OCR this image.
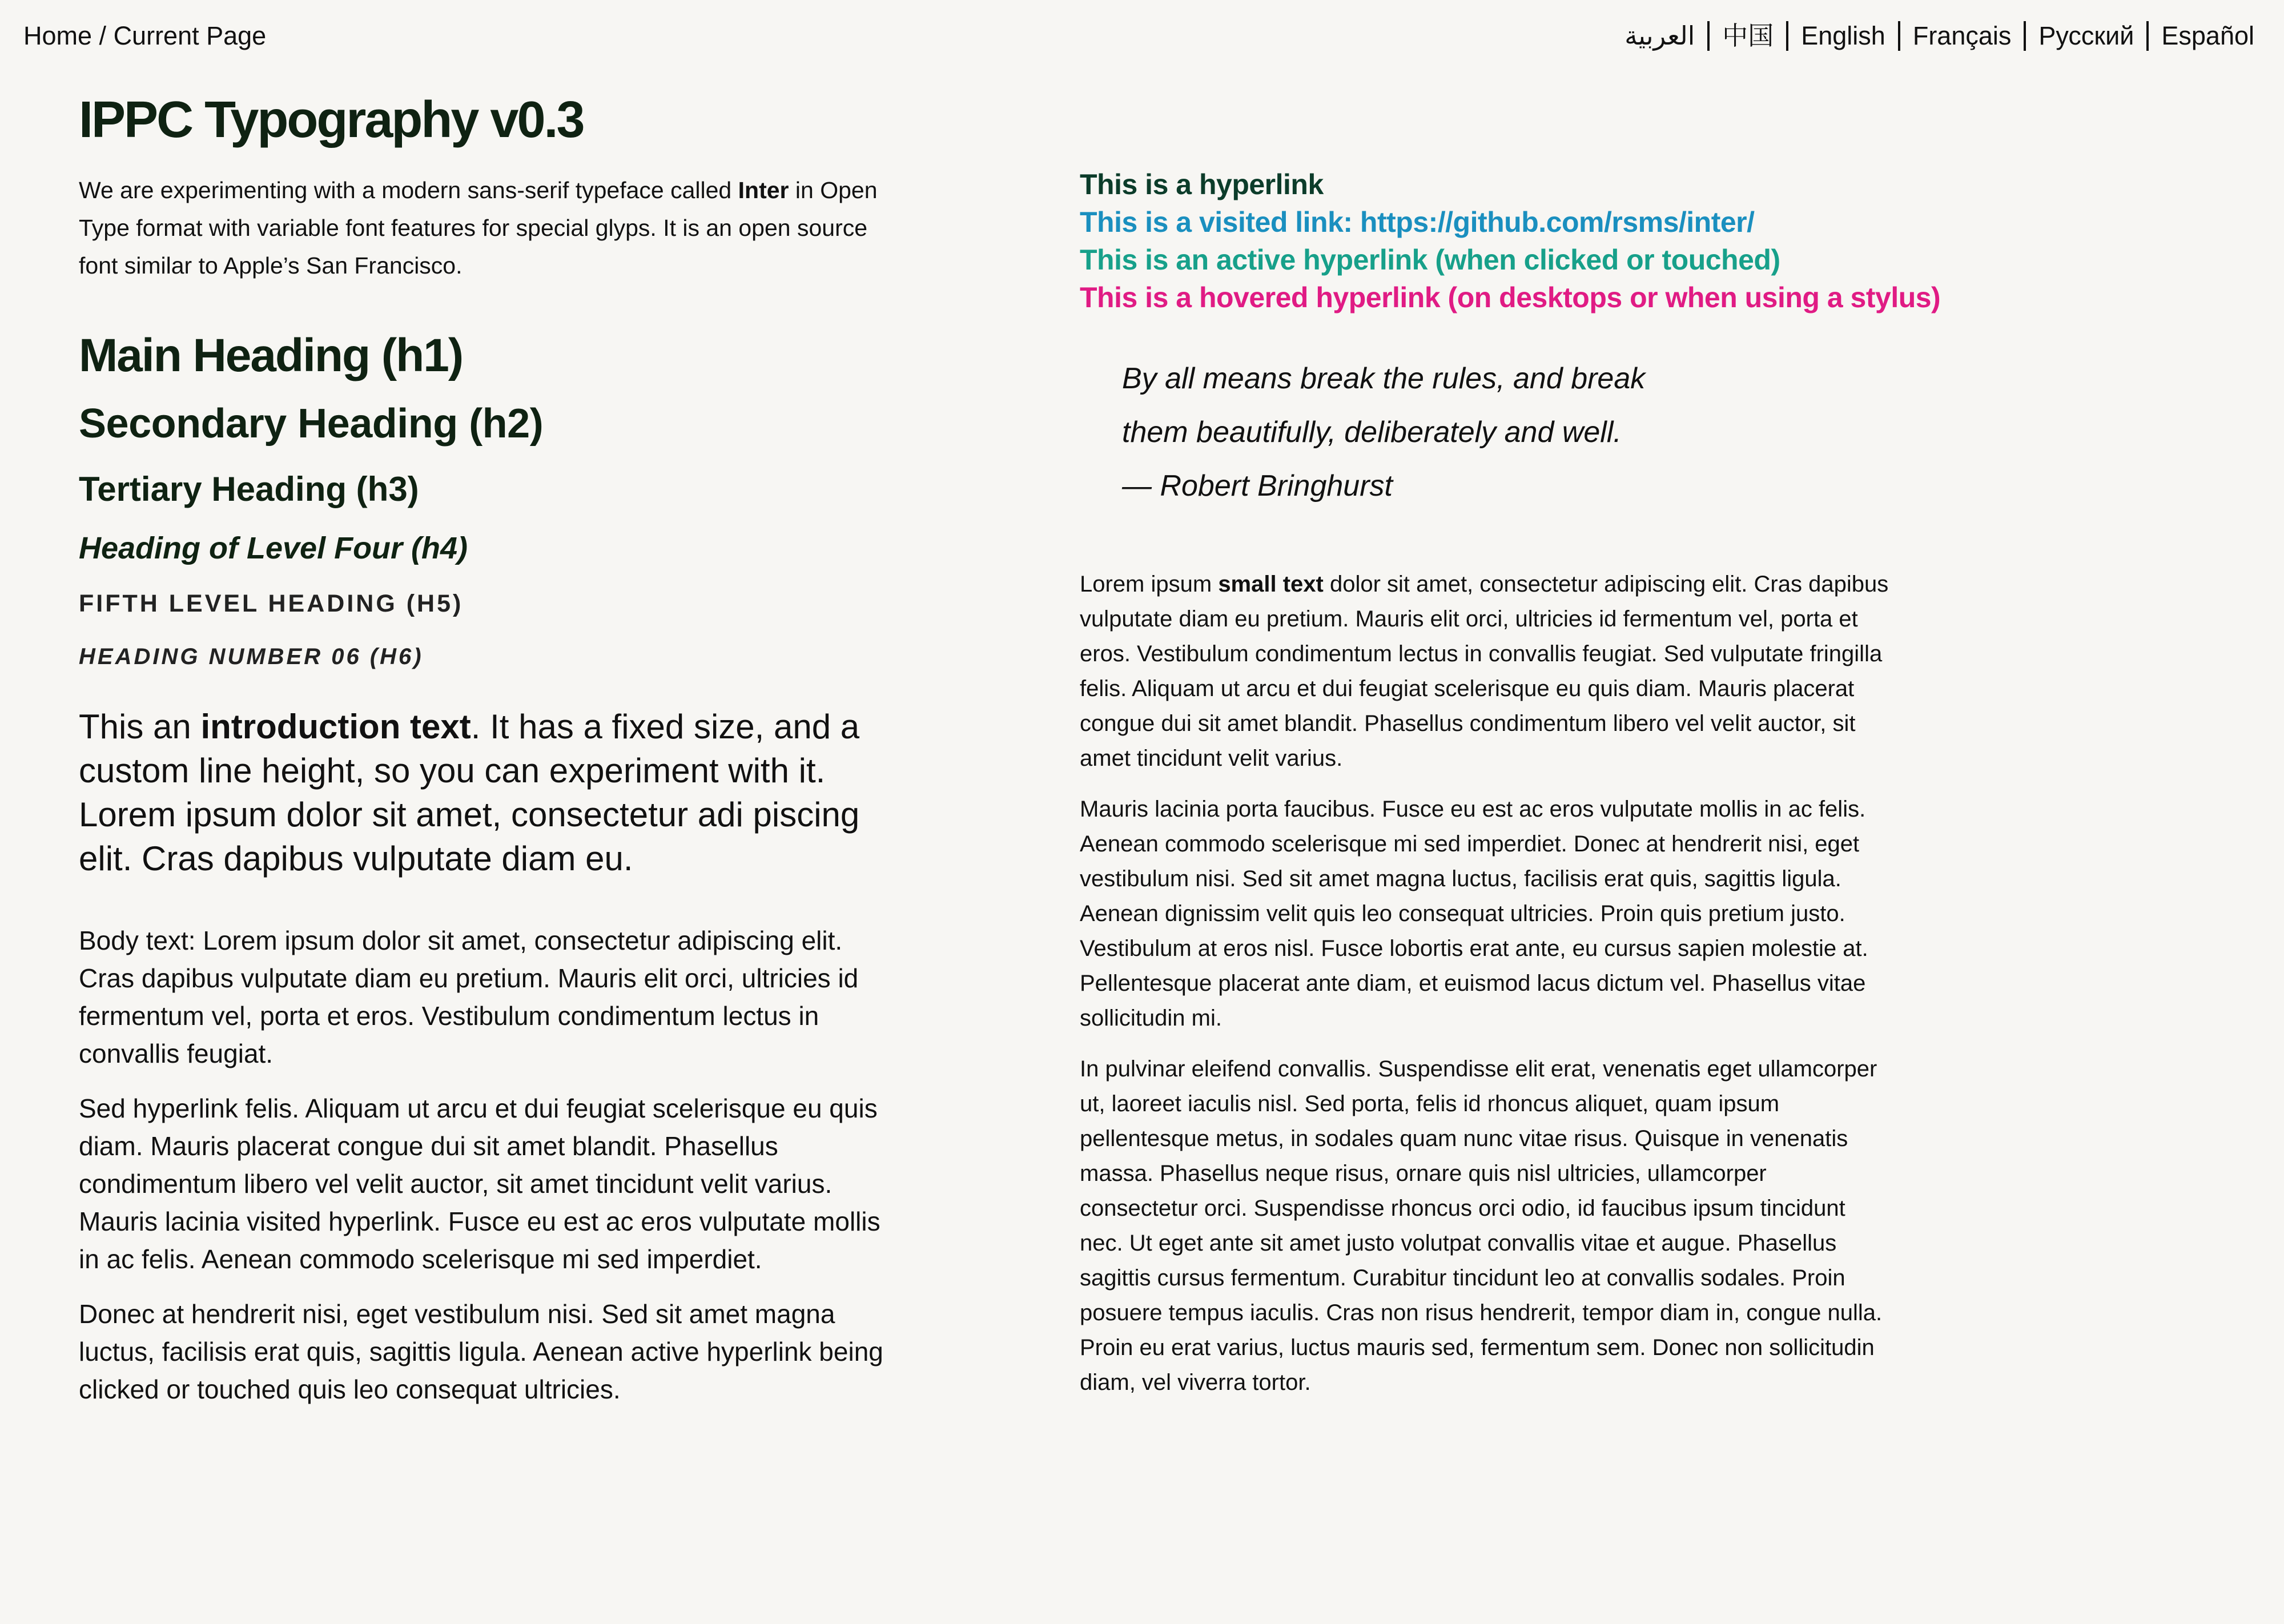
Home / Current Page	العربية	中国	English	Français	Русский	Español
IPPC Typography v0.3

We are experimenting with a modern sans-serif typeface called Inter in Open Type format with variable font features for special glyps. It is an open source font similar to Apple’s San Francisco.

Main Heading (h1)
Secondary Heading (h2)
Tertiary Heading (h3)
Heading of Level Four (h4)
FIFTH LEVEL HEADING (H5)
HEADING NUMBER 06 (H6)

This an introduction text. It has a fixed size, and a custom line height, so you can experiment with it. Lorem ipsum dolor sit amet, consectetur adi piscing elit. Cras dapibus vulputate diam eu.

Body text: Lorem ipsum dolor sit amet, consectetur adipiscing elit. Cras dapibus vulputate diam eu pretium. Mauris elit orci, ultricies id fermentum vel, porta et eros. Vestibulum condimentum lectus in convallis feugiat.

Sed hyperlink felis. Aliquam ut arcu et dui feugiat scelerisque eu quis diam. Mauris placerat congue dui sit amet blandit. Phasellus condimentum libero vel velit auctor, sit amet tincidunt velit varius. Mauris lacinia visited hyperlink. Fusce eu est ac eros vulputate mollis in ac felis. Aenean commodo scelerisque mi sed imperdiet.

Donec at hendrerit nisi, eget vestibulum nisi. Sed sit amet magna luctus, facilisis erat quis, sagittis ligula. Aenean active hyperlink being clicked or touched quis leo consequat ultricies.

This is a hyperlink
This is a visited link: https://github.com/rsms/inter/
This is an active hyperlink (when clicked or touched)
This is a hovered hyperlink (on desktops or when using a stylus)
By all means break the rules, and break
them beautifully, deliberately and well.
— Robert Bringhurst

Lorem ipsum small text dolor sit amet, consectetur adipiscing elit. Cras dapibus vulputate diam eu pretium. Mauris elit orci, ultricies id fermentum vel, porta et eros. Vestibulum condimentum lectus in convallis feugiat. Sed vulputate fringilla felis. Aliquam ut arcu et dui feugiat scelerisque eu quis diam. Mauris placerat congue dui sit amet blandit. Phasellus condimentum libero vel velit auctor, sit amet tincidunt velit varius.

Mauris lacinia porta faucibus. Fusce eu est ac eros vulputate mollis in ac felis. Aenean commodo scelerisque mi sed imperdiet. Donec at hendrerit nisi, eget vestibulum nisi. Sed sit amet magna luctus, facilisis erat quis, sagittis ligula. Aenean dignissim velit quis leo consequat ultricies. Proin quis pretium justo. Vestibulum at eros nisl. Fusce lobortis erat ante, eu cursus sapien molestie at. Pellentesque placerat ante diam, et euismod lacus dictum vel. Phasellus vitae sollicitudin mi.

In pulvinar eleifend convallis. Suspendisse elit erat, venenatis eget ullamcorper ut, laoreet iaculis nisl. Sed porta, felis id rhoncus aliquet, quam ipsum pellentesque metus, in sodales quam nunc vitae risus. Quisque in venenatis massa. Phasellus neque risus, ornare quis nisl ultricies, ullamcorper consectetur orci. Suspendisse rhoncus orci odio, id faucibus ipsum tincidunt nec. Ut eget ante sit amet justo volutpat convallis vitae et augue. Phasellus sagittis cursus fermentum. Curabitur tincidunt leo at convallis sodales. Proin posuere tempus iaculis. Cras non risus hendrerit, tempor diam in, congue nulla. Proin eu erat varius, luctus mauris sed, fermentum sem. Donec non sollicitudin diam, vel viverra tortor.
